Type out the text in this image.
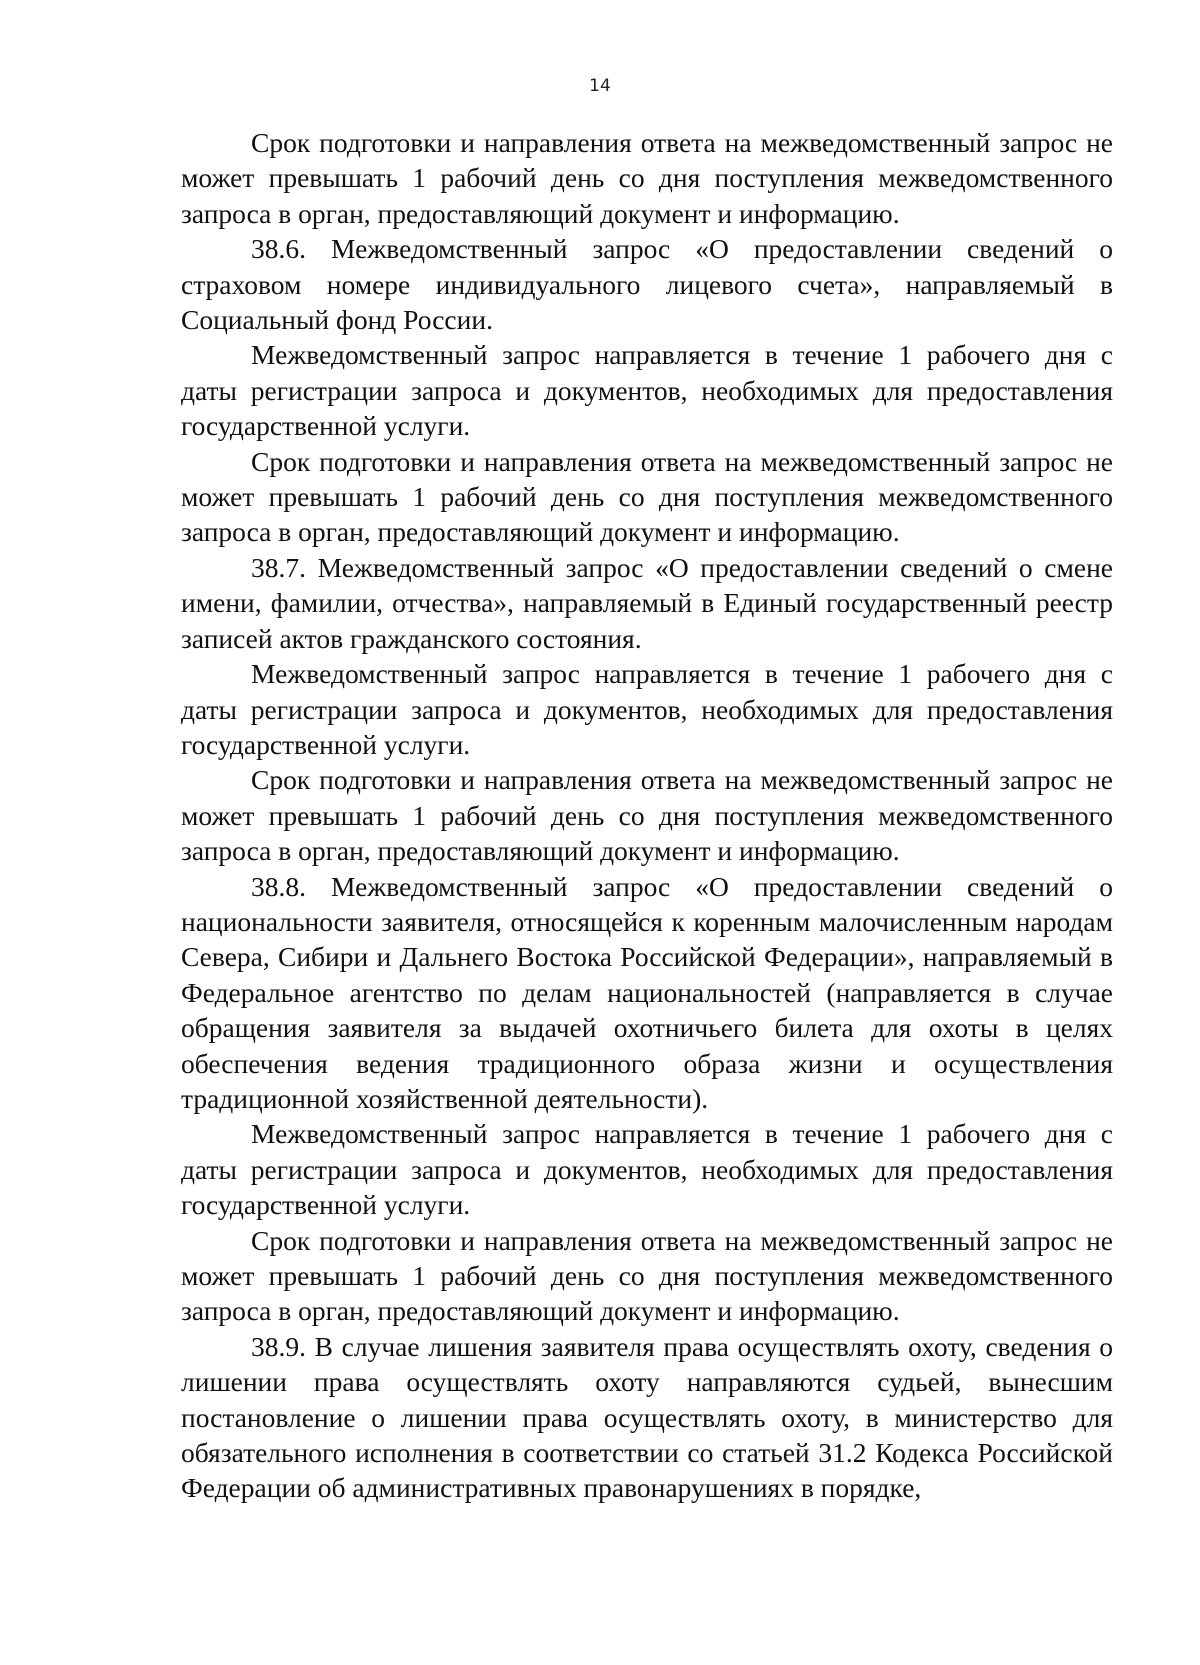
14

Срок подготовки и направления ответа на межведомственный запрос не может превышать 1 рабочий день со дня поступления межведомственного запроса в орган, предоставляющий документ и информацию.

38.6. Межведомственный запрос «О предоставлении сведений о страховом номере индивидуального лицевого счета», направляемый в Социальный фонд России.

Межведомственный запрос направляется в течение 1 рабочего дня с даты регистрации запроса и документов, необходимых для предоставления государственной услуги.

Срок подготовки и направления ответа на межведомственный запрос не может превышать 1 рабочий день со дня поступления межведомственного запроса в орган, предоставляющий документ и информацию.

38.7. Межведомственный запрос «О предоставлении сведений о смене имени, фамилии, отчества», направляемый в Единый государственный реестр записей актов гражданского состояния.

Межведомственный запрос направляется в течение 1 рабочего дня с даты регистрации запроса и документов, необходимых для предоставления государственной услуги.

Срок подготовки и направления ответа на межведомственный запрос не может превышать 1 рабочий день со дня поступления межведомственного запроса в орган, предоставляющий документ и информацию.

38.8. Межведомственный запрос «О предоставлении сведений о национальности заявителя, относящейся к коренным малочисленным народам Севера, Сибири и Дальнего Востока Российской Федерации», направляемый в Федеральное агентство по делам национальностей (направляется в случае обращения заявителя за выдачей охотничьего билета для охоты в целях обеспечения ведения традиционного образа жизни и осуществления традиционной хозяйственной деятельности).

Межведомственный запрос направляется в течение 1 рабочего дня с даты регистрации запроса и документов, необходимых для предоставления государственной услуги.

Срок подготовки и направления ответа на межведомственный запрос не может превышать 1 рабочий день со дня поступления межведомственного запроса в орган, предоставляющий документ и информацию.

38.9. В случае лишения заявителя права осуществлять охоту, сведения о лишении права осуществлять охоту направляются судьей, вынесшим постановление о лишении права осуществлять охоту, в министерство для обязательного исполнения в соответствии со статьей 31.2 Кодекса Российской Федерации об административных правонарушениях в порядке,
